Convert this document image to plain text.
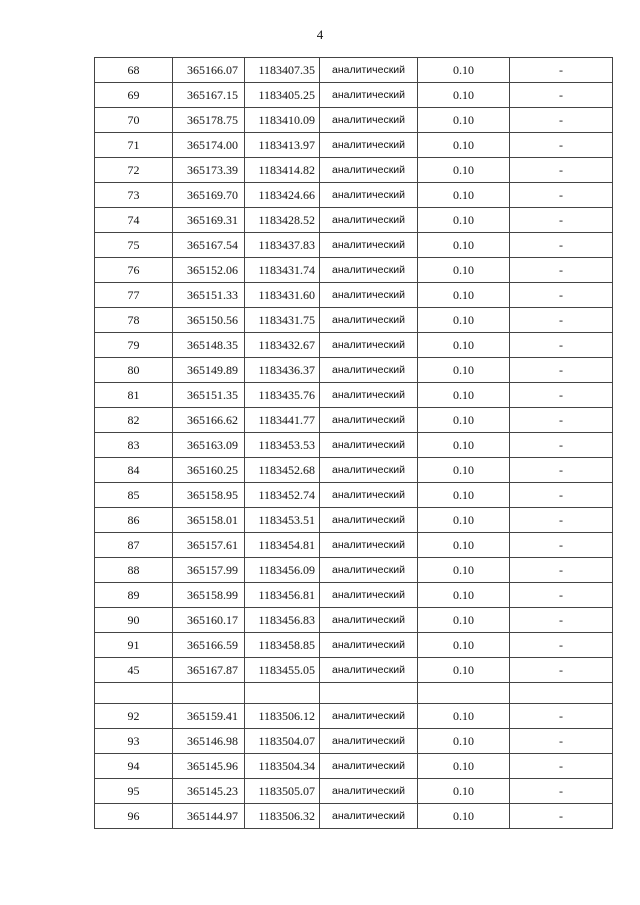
4
68	365166.07	1183407.35	аналитический	0.10	-
69	365167.15	1183405.25	аналитический	0.10	-
70	365178.75	1183410.09	аналитический	0.10	-
71	365174.00	1183413.97	аналитический	0.10	-
72	365173.39	1183414.82	аналитический	0.10	-
73	365169.70	1183424.66	аналитический	0.10	-
74	365169.31	1183428.52	аналитический	0.10	-
75	365167.54	1183437.83	аналитический	0.10	-
76	365152.06	1183431.74	аналитический	0.10	-
77	365151.33	1183431.60	аналитический	0.10	-
78	365150.56	1183431.75	аналитический	0.10	-
79	365148.35	1183432.67	аналитический	0.10	-
80	365149.89	1183436.37	аналитический	0.10	-
81	365151.35	1183435.76	аналитический	0.10	-
82	365166.62	1183441.77	аналитический	0.10	-
83	365163.09	1183453.53	аналитический	0.10	-
84	365160.25	1183452.68	аналитический	0.10	-
85	365158.95	1183452.74	аналитический	0.10	-
86	365158.01	1183453.51	аналитический	0.10	-
87	365157.61	1183454.81	аналитический	0.10	-
88	365157.99	1183456.09	аналитический	0.10	-
89	365158.99	1183456.81	аналитический	0.10	-
90	365160.17	1183456.83	аналитический	0.10	-
91	365166.59	1183458.85	аналитический	0.10	-
45	365167.87	1183455.05	аналитический	0.10	-

92	365159.41	1183506.12	аналитический	0.10	-
93	365146.98	1183504.07	аналитический	0.10	-
94	365145.96	1183504.34	аналитический	0.10	-
95	365145.23	1183505.07	аналитический	0.10	-
96	365144.97	1183506.32	аналитический	0.10	-
